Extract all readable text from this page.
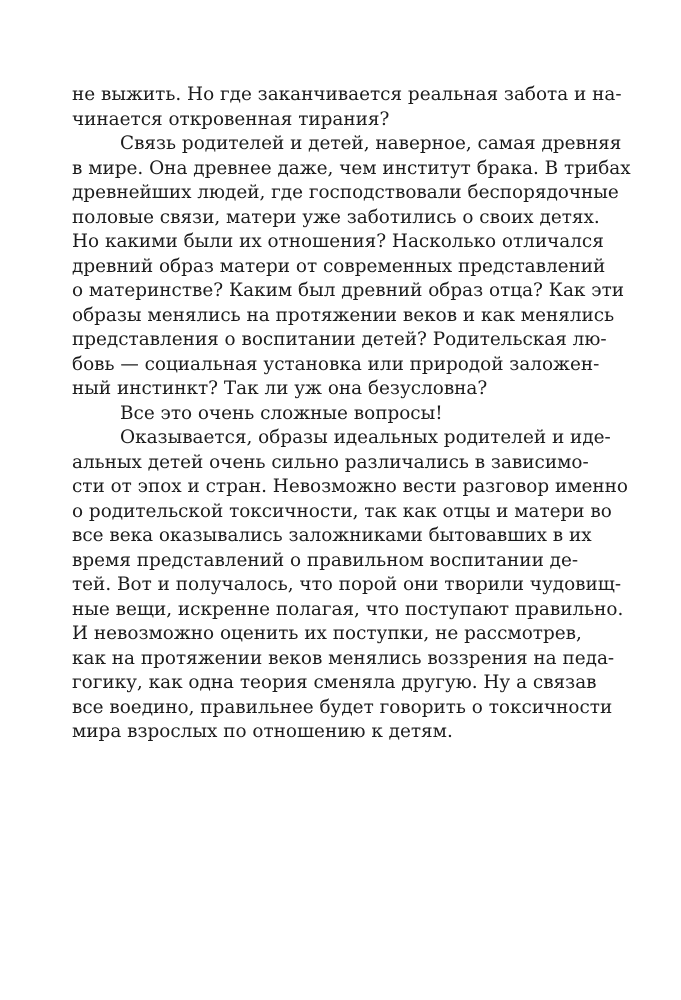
не выжить. Но где заканчивается реальная забота и на-
чинается откровенная тирания?
Связь родителей и детей, наверное, самая древняя
в мире. Она древнее даже, чем институт брака. В трибах
древнейших людей, где господствовали беспорядочные
половые связи, матери уже заботились о своих детях.
Но какими были их отношения? Насколько отличался
древний образ матери от современных представлений
о материнстве? Каким был древний образ отца? Как эти
образы менялись на протяжении веков и как менялись
представления о воспитании детей? Родительская лю-
бовь — социальная установка или природой заложен-
ный инстинкт? Так ли уж она безусловна?
Все это очень сложные вопросы!
Оказывается, образы идеальных родителей и иде-
альных детей очень сильно различались в зависимо-
сти от эпох и стран. Невозможно вести разговор именно
о родительской токсичности, так как отцы и матери во
все века оказывались заложниками бытовавших в их
время представлений о правильном воспитании де-
тей. Вот и получалось, что порой они творили чудовищ-
ные вещи, искренне полагая, что поступают правильно.
И невозможно оценить их поступки, не рассмотрев,
как на протяжении веков менялись воззрения на педа-
гогику, как одна теория сменяла другую. Ну а связав
все воедино, правильнее будет говорить о токсичности
мира взрослых по отношению к детям.
